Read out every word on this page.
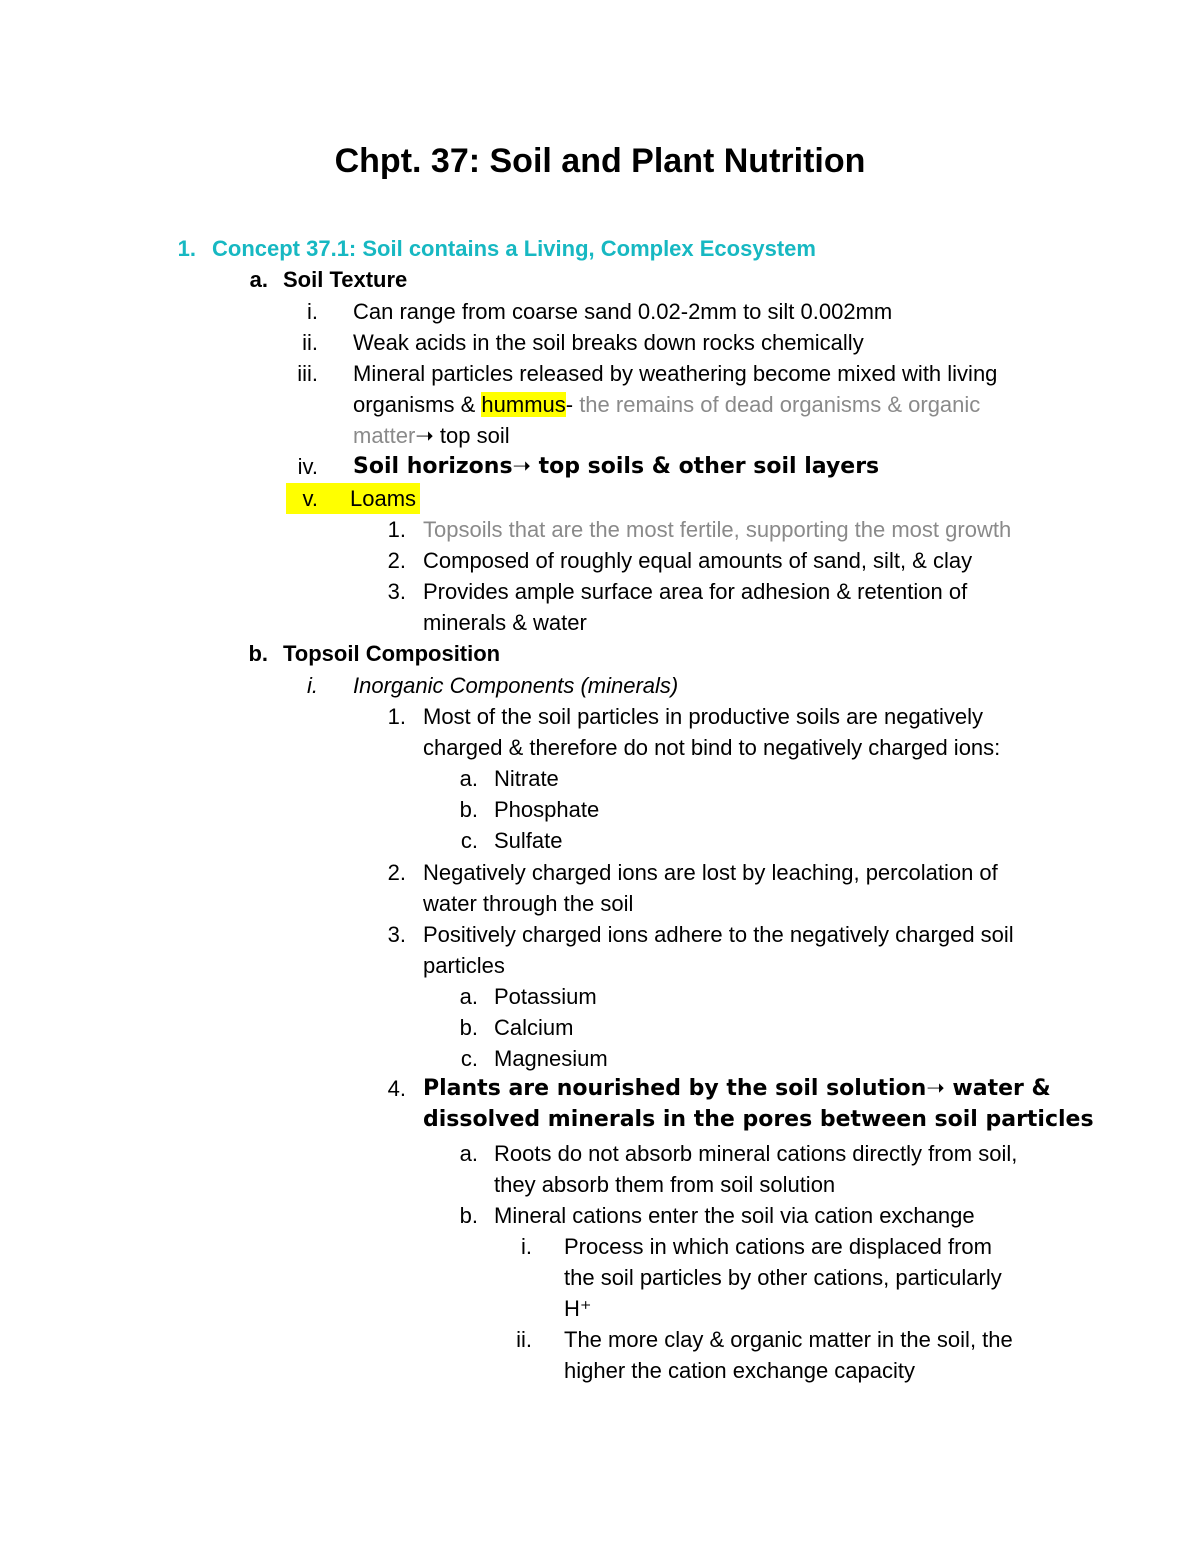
Chpt. 37: Soil and Plant Nutrition
1. Concept 37.1: Soil contains a Living, Complex Ecosystem
a. Soil Texture
i. Can range from coarse sand 0.02-2mm to silt 0.002mm
ii. Weak acids in the soil breaks down rocks chemically
iii. Mineral particles released by weathering become mixed with living
organisms & hummus- the remains of dead organisms & organic
matter➝ top soil
iv. Soil horizons➝ top soils & other soil layers
v.	Loams
1. Topsoils that are the most fertile, supporting the most growth
2. Composed of roughly equal amounts of sand, silt, & clay
3. Provides ample surface area for adhesion & retention of
minerals & water
b. Topsoil Composition
i. Inorganic Components (minerals)
1. Most of the soil particles in productive soils are negatively
charged & therefore do not bind to negatively charged ions:
a. Nitrate
b. Phosphate
c. Sulfate
2. Negatively charged ions are lost by leaching, percolation of
water through the soil
3. Positively charged ions adhere to the negatively charged soil
particles
a. Potassium
b. Calcium
c. Magnesium
4. Plants are nourished by the soil solution➝ water &
dissolved minerals in the pores between soil particles
a. Roots do not absorb mineral cations directly from soil,
they absorb them from soil solution
b. Mineral cations enter the soil via cation exchange
i. Process in which cations are displaced from
the soil particles by other cations, particularly
H⁺
ii. The more clay & organic matter in the soil, the
higher the cation exchange capacity
